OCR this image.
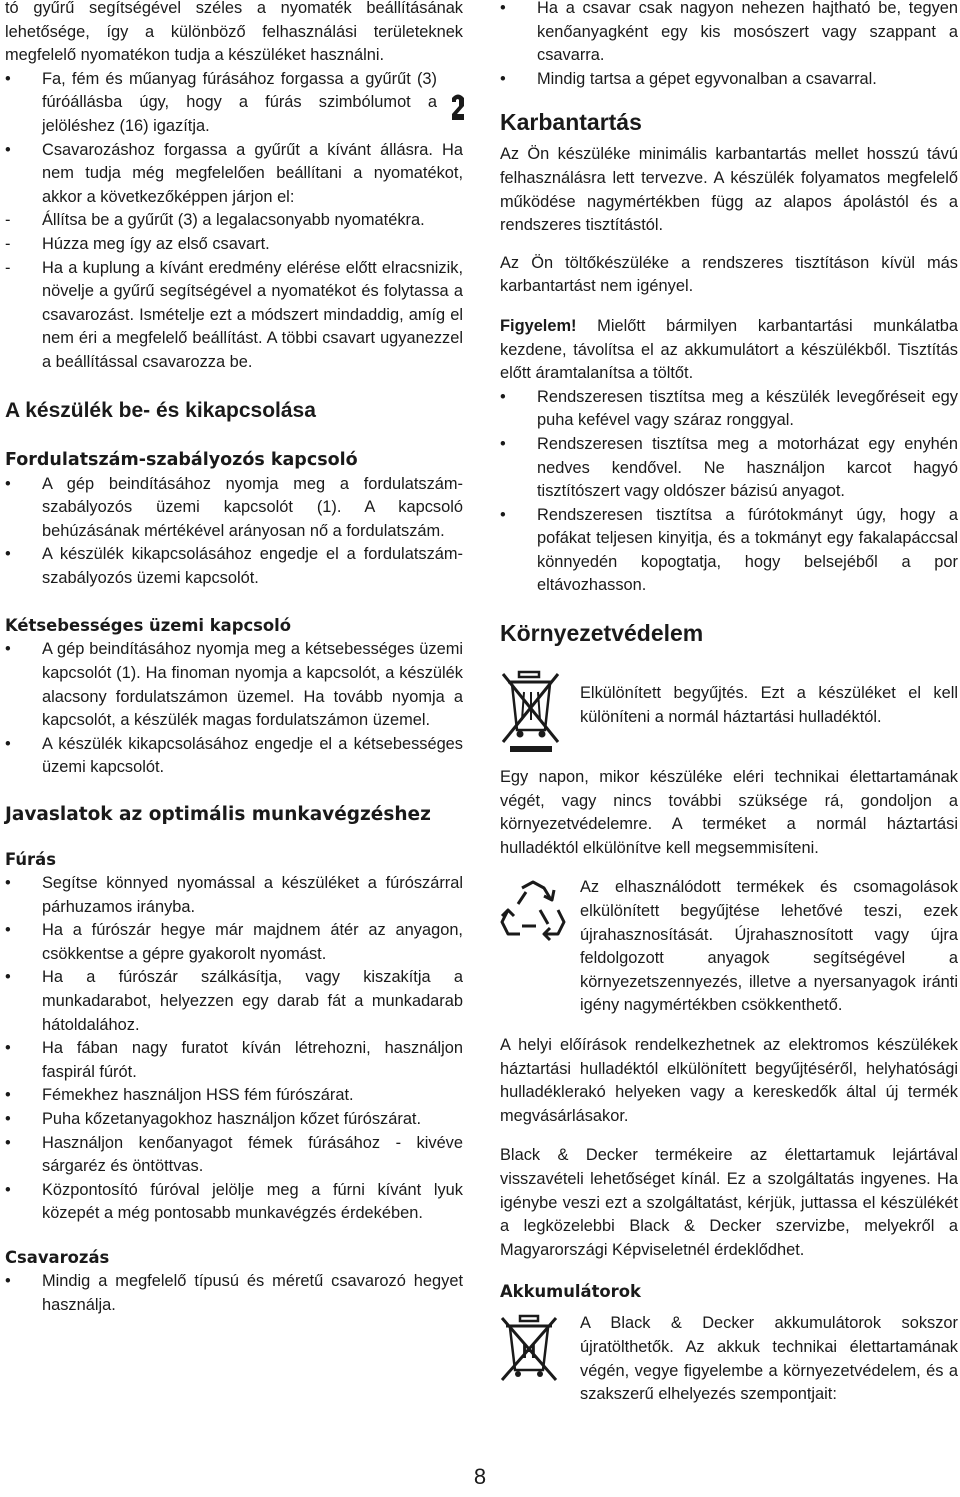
tó gyűrű segítségével széles a nyomaték beállításának lehetősége, így a különböző felhasználási területeknek megfelelő nyomatékon tudja a készüléket használni.

• Fa, fém és műanyag fúrásához forgassa a gyűrűt (3) fúróállásba úgy, hogy a fúrás szimbólumot a jelöléshez (16) igazítja.
• Csavarozáshoz forgassa a gyűrűt a kívánt állásra. Ha nem tudja még megfelelően beállítani a nyomatékot, akkor a következőképpen járjon el:
- Állítsa be a gyűrűt (3) a legalacsonyabb nyomatékra.
- Húzza meg így az első csavart.
- Ha a kuplung a kívánt eredmény elérése előtt elracsnizik, növelje a gyűrű segítségével a nyomatékot és folytassa a csavarozást. Ismételje ezt a módszert mindaddig, amíg el nem éri a megfelelő beállítást. A többi csavart ugyanezzel a beállítással csavarozza be.
A készülék be- és kikapcsolása
Fordulatszám-szabályozós kapcsoló
• A gép beindításához nyomja meg a fordulatszám-szabályozós üzemi kapcsolót (1). A kapcsoló behúzásának mértékével arányosan nő a fordulatszám.
• A készülék kikapcsolásához engedje el a fordulatszám-szabályozós üzemi kapcsolót.
Kétsebességes üzemi kapcsoló
• A gép beindításához nyomja meg a kétsebességes üzemi kapcsolót (1). Ha finoman nyomja a kapcsolót, a készülék alacsony fordulatszámon üzemel. Ha tovább nyomja a kapcsolót, a készülék magas fordulatszámon üzemel.
• A készülék kikapcsolásához engedje el a kétsebességes üzemi kapcsolót.
Javaslatok az optimális munkavégzéshez
Fúrás
• Segítse könnyed nyomással a készüléket a fúrószárral párhuzamos irányba.
• Ha a fúrószár hegye már majdnem átér az anyagon, csökkentse a gépre gyakorolt nyomást.
• Ha a fúrószár szálkásítja, vagy kiszakítja a munkadarabot, helyezzen egy darab fát a munkadarab hátoldalához.
• Ha fában nagy furatot kíván létrehozni, használjon faspirál fúrót.
• Fémekhez használjon HSS fém fúrószárat.
• Puha kőzetanyagokhoz használjon kőzet fúrószárat.
• Használjon kenőanyagot fémek fúrásához - kivéve sárgaréz és öntöttvas.
• Központosító fúróval jelölje meg a fúrni kívánt lyuk közepét a még pontosabb munkavégzés érdekében.
Csavarozás
• Mindig a megfelelő típusú és méretű csavarozó hegyet használja.
• Ha a csavar csak nagyon nehezen hajtható be, tegyen kenőanyagként egy kis mosószert vagy szappant a csavarra.
• Mindig tartsa a gépet egyvonalban a csavarral.
Karbantartás

Az Ön készüléke minimális karbantartás mellet hosszú távú felhasználásra lett tervezve. A készülék folyamatos megfelelő működése nagymértékben függ az alapos ápolástól és a rendszeres tisztítástól.

Az Ön töltőkészüléke a rendszeres tisztításon kívül más karbantartást nem igényel.

Figyelem! Mielőtt bármilyen karbantartási munkálatba kezdene, távolítsa el az akkumulátort a készülékből. Tisztítás előtt áramtalanítsa a töltőt.

• Rendszeresen tisztítsa meg a készülék levegőréseit egy puha kefével vagy száraz ronggyal.
• Rendszeresen tisztítsa meg a motorházat egy enyhén nedves kendővel. Ne használjon karcot hagyó tisztítószert vagy oldószer bázisú anyagot.
• Rendszeresen tisztítsa a fúrótokmányt úgy, hogy a pofákat teljesen kinyitja, és a tokmányt egy fakalapáccsal könnyedén kopogtatja, hogy belsejéből a por eltávozhasson.
Környezetvédelem

Elkülönített begyűjtés. Ezt a készüléket el kell különíteni a normál háztartási hulladéktól.

Egy napon, mikor készüléke eléri technikai élettartamának végét, vagy nincs további szüksége rá, gondoljon a környezetvédelemre. A terméket a normál háztartási hulladéktól elkülönítve kell megsemmisíteni.

Az elhasználódott termékek és csomagolások elkülönített begyűjtése lehetővé teszi, ezek újrahasznosítását. Újrahasznosított vagy újra feldolgozott anyagok segítségével a környezetszennyezés, illetve a nyersanyagok iránti igény nagymértékben csökkenthető.

A helyi előírások rendelkezhetnek az elektromos készülékek háztartási hulladéktól elkülönített begyűjtéséről, helyhatósági hulladéklerakó helyeken vagy a kereskedők által új termék megvásárlásakor.

Black & Decker termékeire az élettartamuk lejártával visszavételi lehetőséget kínál. Ez a szolgáltatás ingyenes. Ha igénybe veszi ezt a szolgáltatást, kérjük, juttassa el készülékét a legközelebbi Black & Decker szervizbe, melyekről a Magyarországi Képviseletnél érdeklődhet.

Akkumulátorok
H

A Black & Decker akkumulátorok sokszor újratölthetők. Az akkuk technikai élettartamának végén, vegye figyelembe a környezetvédelem, és a szakszerű elhelyezés szempontjait:

8
